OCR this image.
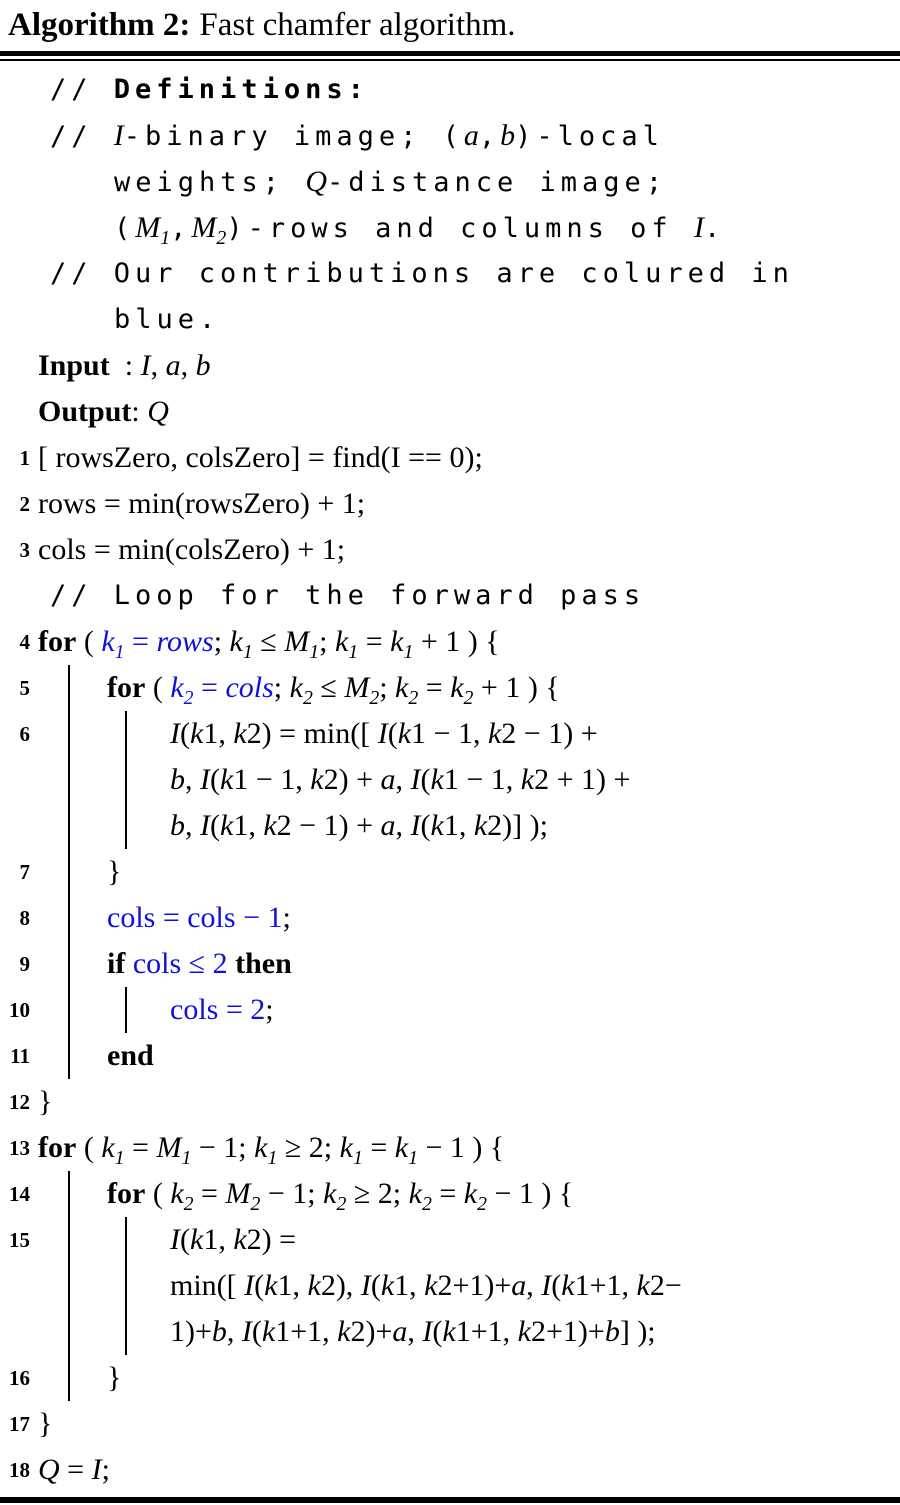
Algorithm 2: Fast chamfer algorithm.
// Definitions:
// I-binary image; (a,b)-local
weights; Q-distance image;
$(M_1,M_2)$-rows and columns of I.
// Our contributions are colured in
blue.
Input  : I, a, b
Output: Q
1 [ rowsZero, colsZero] = find(I == 0);
2 rows = min(rowsZero) + 1;
3 cols = min(colsZero) + 1;
// Loop for the forward pass
4 for ( $k_1$ = rows; $k_1 \le M_1$; $k_1 = k_1 + 1$ ) {
5	for ( $k_2$ = cols; $k_2 \le M_2$; $k_2 = k_2 + 1$ ) {
6	I(k1, k2) = min([ I(k1 − 1, k2 − 1) +
b, I(k1 − 1, k2) + a, I(k1 − 1, k2 + 1) +
b, I(k1, k2 − 1) + a, I(k1, k2)] );
7	}
8	cols = cols − 1;
9	if cols ≤ 2 then
10	cols = 2;
11	end
12 }
13 for ( $k_1 = M_1 - 1$; $k_1 \ge 2$; $k_1 = k_1 - 1$ ) {
14	for ( $k_2 = M_2 - 1$; $k_2 \ge 2$; $k_2 = k_2 - 1$ ) {
15	I(k1, k2) =
min([ I(k1, k2), I(k1, k2+1)+a, I(k1+1, k2−
1)+b, I(k1+1, k2)+a, I(k1+1, k2+1)+b] );
16	}
17 }
18 Q = I;
